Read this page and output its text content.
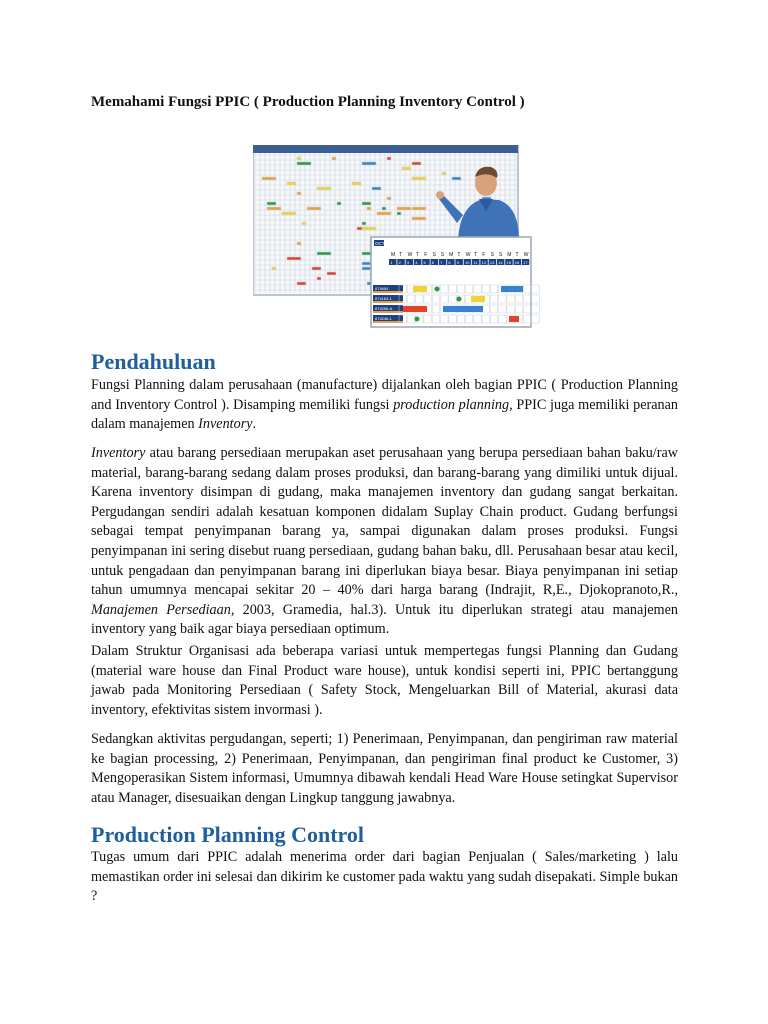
Memahami Fungsi PPIC ( Production Planning Inventory Control )
OCT
M T W T F S S M T W T F S S M T W
1 2 3 4 5 6 7 8 9 10 11 12 13 14 15 16 17
874654
874163-1
874256-A
874246-1
Pendahuluan
Fungsi Planning dalam perusahaan (manufacture) dijalankan oleh bagian PPIC ( Production Planning and Inventory Control ). Disamping memiliki fungsi production planning, PPIC juga memiliki peranan dalam manajemen Inventory.
Inventory atau barang persediaan merupakan aset perusahaan yang berupa persediaan bahan baku/raw material, barang-barang sedang dalam proses produksi, dan barang-barang yang dimiliki untuk dijual. Karena inventory disimpan di gudang, maka manajemen inventory dan gudang sangat berkaitan. Pergudangan sendiri adalah kesatuan komponen didalam Suplay Chain product. Gudang berfungsi sebagai tempat penyimpanan barang ya, sampai digunakan dalam proses produksi. Fungsi penyimpanan ini sering disebut ruang persediaan, gudang bahan baku, dll. Perusahaan besar atau kecil, untuk pengadaan dan penyimpanan barang ini diperlukan biaya besar. Biaya penyimpanan ini setiap tahun umumnya mencapai sekitar 20 – 40% dari harga barang (Indrajit, R,E., Djokopranoto,R., Manajemen Persediaan, 2003, Gramedia, hal.3). Untuk itu diperlukan strategi atau manajemen inventory yang baik agar biaya persediaan optimum.
Dalam Struktur Organisasi ada beberapa variasi untuk mempertegas fungsi Planning dan Gudang (material ware house dan Final Product ware house), untuk kondisi seperti ini, PPIC bertanggung jawab pada Monitoring Persediaan ( Safety Stock, Mengeluarkan Bill of Material, akurasi data inventory, efektivitas sistem invormasi ).
Sedangkan aktivitas pergudangan, seperti; 1) Penerimaan, Penyimpanan, dan pengiriman raw material ke bagian processing, 2) Penerimaan, Penyimpanan, dan pengiriman final product ke Customer, 3) Mengoperasikan Sistem informasi, Umumnya dibawah kendali Head Ware House setingkat Supervisor atau Manager, disesuaikan dengan Lingkup tanggung jawabnya.
Production Planning Control
Tugas umum dari PPIC adalah menerima order dari bagian Penjualan ( Sales/marketing ) lalu memastikan order ini selesai dan dikirim ke customer pada waktu yang sudah disepakati. Simple bukan ?
